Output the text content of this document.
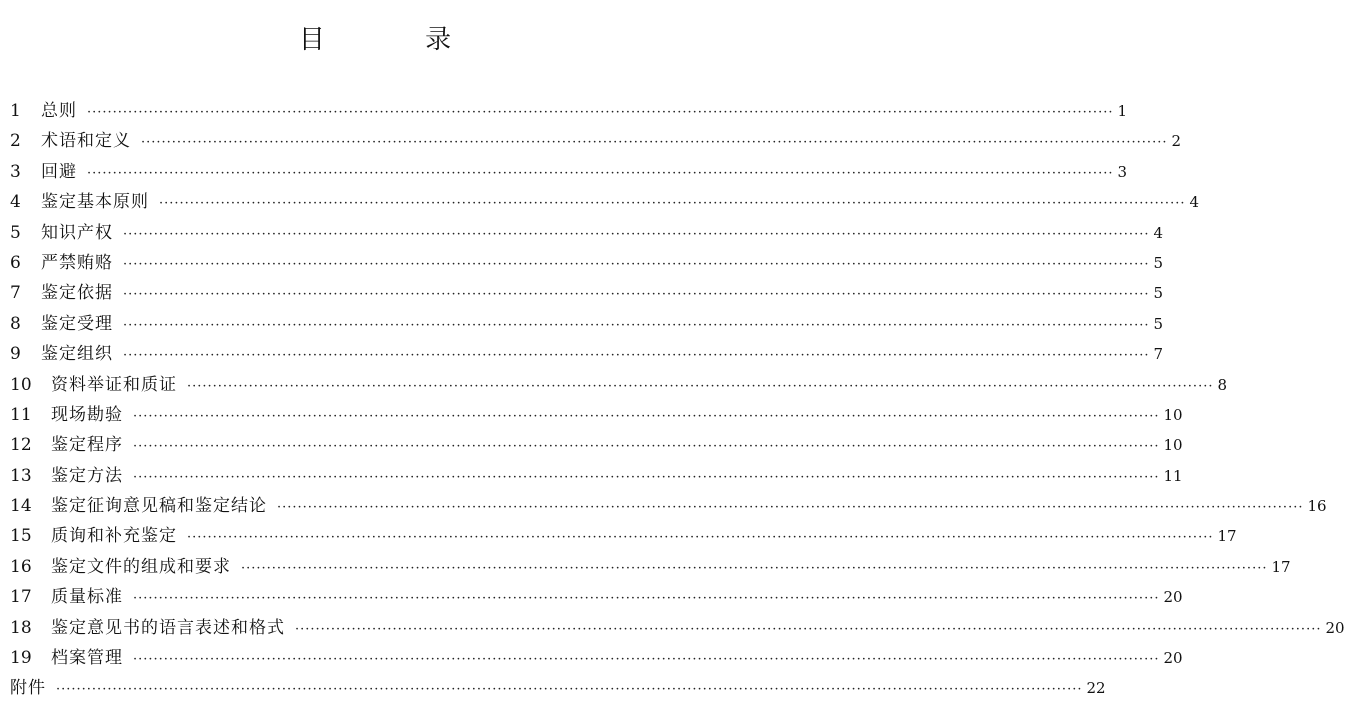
目 录
1	总则 ········································································································································································································ 1
2	术语和定义 ········································································································································································································ 2
3	回避 ········································································································································································································ 3
4	鉴定基本原则 ········································································································································································································ 4
5	知识产权 ········································································································································································································ 4
6	严禁贿赂 ········································································································································································································ 5
7	鉴定依据 ········································································································································································································ 5
8	鉴定受理 ········································································································································································································ 5
9	鉴定组织 ········································································································································································································ 7
10	资料举证和质证 ········································································································································································································ 8
11	现场勘验 ········································································································································································································ 10
12	鉴定程序 ········································································································································································································ 10
13	鉴定方法 ········································································································································································································ 11
14	鉴定征询意见稿和鉴定结论 ········································································································································································································ 16
15	质询和补充鉴定 ········································································································································································································ 17
16	鉴定文件的组成和要求 ········································································································································································································ 17
17	质量标准 ········································································································································································································ 20
18	鉴定意见书的语言表述和格式 ········································································································································································································ 20
19	档案管理 ········································································································································································································ 20
附件 ········································································································································································································ 22
